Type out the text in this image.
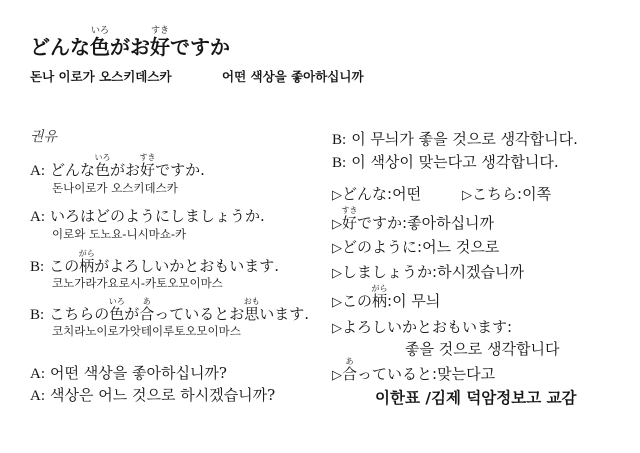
どんな
いろ
色がお
すき
好ですか
돈나 이로가 오스키데스카	어떤 색상을 좋아하십니까
권유
A: どんな
いろ
色がお
すき
好ですか.
돈나이로가 오스키데스카
A: いろはどのようにしましょうか.
이로와 도노요-니시마쇼-카
B: この
がら
柄がよろしいかとおもいます.
코노가라가요로시-카토오모이마스
B: こちらの
いろ
色が
あ
合っているとお
おも
思います.
코치라노이로가앗테이루토오모이마스
A: 어떤 색상을 좋아하십니까?
A: 색상은 어느 것으로 하시겠습니까?
B: 이 무늬가 좋을 것으로 생각합니다.
B: 이 색상이 맞는다고 생각합니다.
▷どんな:어떤	▷こちら:이쪽
▷
すき
好ですか:좋아하십니까
▷どのように:어느 것으로
▷しましょうか:하시겠습니까
▷この
がら
柄:이 무늬
▷よろしいかとおもいます:
좋을 것으로 생각합니다
▷
あ
合っていると:맞는다고
이한표 /김제 덕암정보고 교감
